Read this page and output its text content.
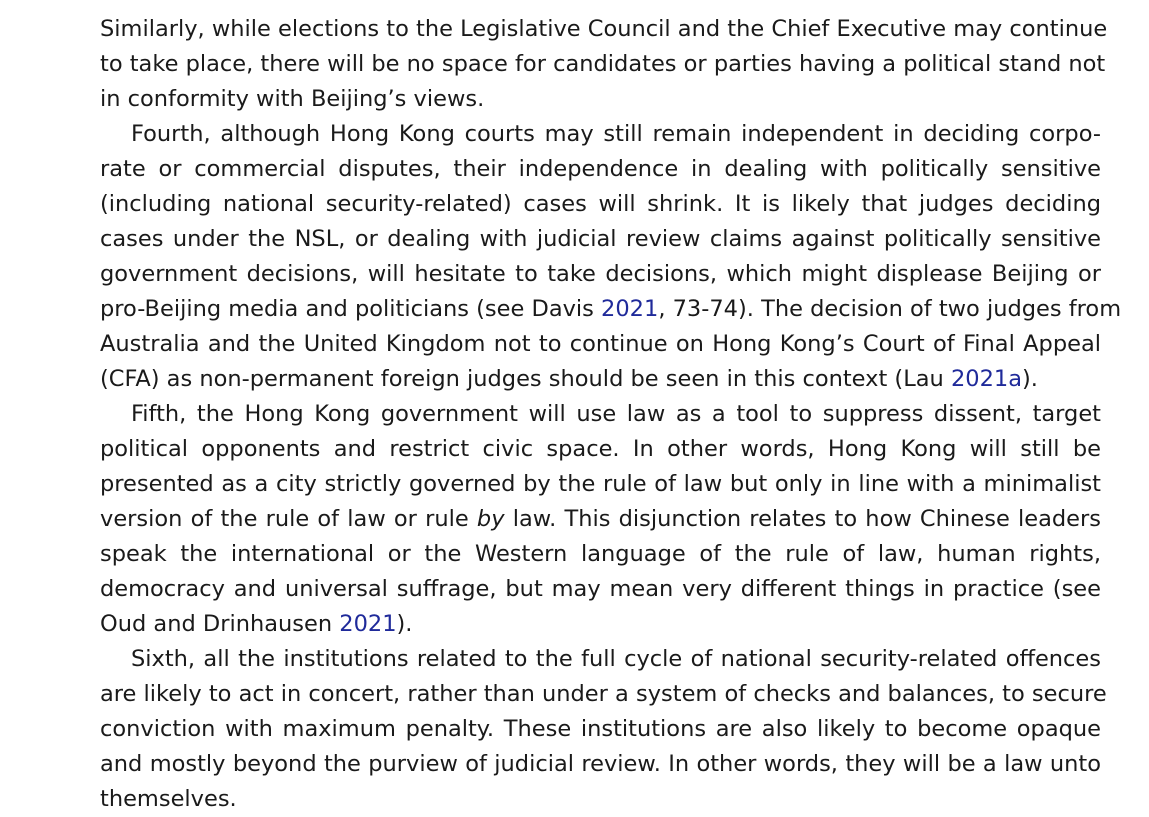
Similarly, while elections to the Legislative Council and the Chief Executive may continue
to take place, there will be no space for candidates or parties having a political stand not
in conformity with Beijing’s views.
Fourth, although Hong Kong courts may still remain independent in deciding corpo-
rate or commercial disputes, their independence in dealing with politically sensitive
(including national security-related) cases will shrink. It is likely that judges deciding
cases under the NSL, or dealing with judicial review claims against politically sensitive
government decisions, will hesitate to take decisions, which might displease Beijing or
pro-Beijing media and politicians (see Davis 2021, 73-74). The decision of two judges from
Australia and the United Kingdom not to continue on Hong Kong’s Court of Final Appeal
(CFA) as non-permanent foreign judges should be seen in this context (Lau 2021a).
Fifth, the Hong Kong government will use law as a tool to suppress dissent, target
political opponents and restrict civic space. In other words, Hong Kong will still be
presented as a city strictly governed by the rule of law but only in line with a minimalist
version of the rule of law or rule by law. This disjunction relates to how Chinese leaders
speak the international or the Western language of the rule of law, human rights,
democracy and universal suffrage, but may mean very different things in practice (see
Oud and Drinhausen 2021).
Sixth, all the institutions related to the full cycle of national security-related offences
are likely to act in concert, rather than under a system of checks and balances, to secure
conviction with maximum penalty. These institutions are also likely to become opaque
and mostly beyond the purview of judicial review. In other words, they will be a law unto
themselves.
